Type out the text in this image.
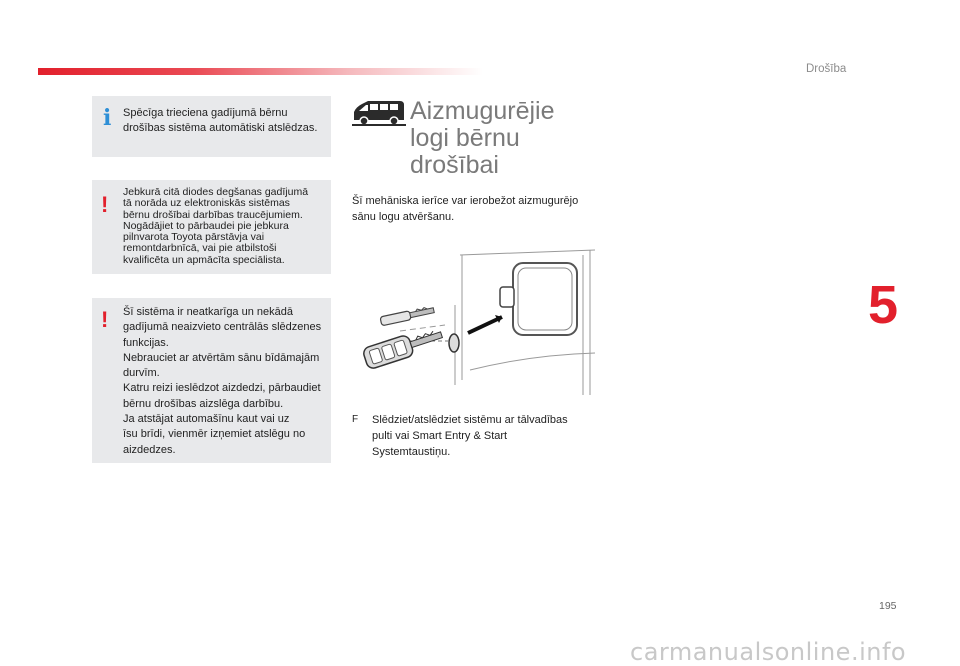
Drošība
5
195
i Spēcīga trieciena gadījumā bērnu drošības sistēma automātiski atslēdzas.
! Jebkurā citā diodes degšanas gadījumā
tā norāda uz elektroniskās sistēmas
bērnu drošībai darbības traucējumiem.
Nogādājiet to pārbaudei pie jebkura
pilnvarota Toyota pārstāvja vai
remontdarbnīcā, vai pie atbilstoši
kvalificēta un apmācīta speciālista.
! Šī sistēma ir neatkarīga un nekādā
gadījumā neaizvieto centrālās slēdzenes
funkcijas.
Nebrauciet ar atvērtām sānu bīdāmajām
durvīm.
Katru reizi ieslēdzot aizdedzi, pārbaudiet
bērnu drošības aizslēga darbību.
Ja atstājat automašīnu kaut vai uz
īsu brīdi, vienmēr izņemiet atslēgu no
aizdedzes.
Aizmugurējie
logi bērnu
drošībai
Šī mehāniska ierīce var ierobežot aizmugurējo sānu logu atvēršanu.
F Slēdziet/atslēdziet sistēmu ar tālvadības pulti vai Smart Entry & Start Systemtaustiņu.
carmanualsonline.info
